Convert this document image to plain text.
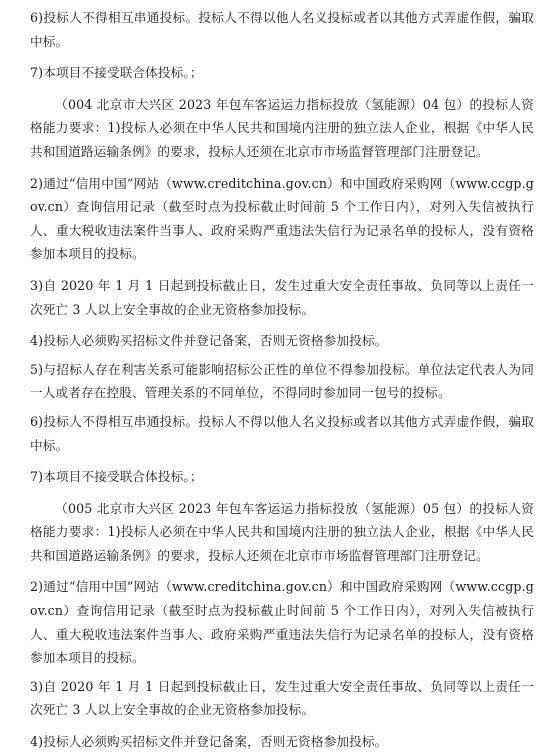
6)投标人不得相互串通投标。投标人不得以他人名义投标或者以其他方式弄虚作假，骗取中标。

7)本项目不接受联合体投标。；

（004 北京市大兴区 2023 年包车客运运力指标投放（氢能源）04 包）的投标人资格能力要求：1)投标人必须在中华人民共和国境内注册的独立法人企业，根据《中华人民共和国道路运输条例》的要求，投标人还须在北京市市场监督管理部门注册登记。

2)通过“信用中国”网站（www.creditchina.gov.cn）和中国政府采购网（www.ccgp.gov.cn）查询信用记录（截至时点为投标截止时间前 5 个工作日内），对列入失信被执行人、重大税收违法案件当事人、政府采购严重违法失信行为记录名单的投标人，没有资格参加本项目的投标。

3)自 2020 年 1 月 1 日起到投标截止日，发生过重大安全责任事故、负同等以上责任一次死亡 3 人以上安全事故的企业无资格参加投标。

4)投标人必须购买招标文件并登记备案，否则无资格参加投标。

5)与招标人存在利害关系可能影响招标公正性的单位不得参加投标。单位法定代表人为同一人或者存在控股、管理关系的不同单位，不得同时参加同一包号的投标。

6)投标人不得相互串通投标。投标人不得以他人名义投标或者以其他方式弄虚作假，骗取中标。

7)本项目不接受联合体投标。；

（005 北京市大兴区 2023 年包车客运运力指标投放（氢能源）05 包）的投标人资格能力要求：1)投标人必须在中华人民共和国境内注册的独立法人企业，根据《中华人民共和国道路运输条例》的要求，投标人还须在北京市市场监督管理部门注册登记。

2)通过“信用中国”网站（www.creditchina.gov.cn）和中国政府采购网（www.ccgp.gov.cn）查询信用记录（截至时点为投标截止时间前 5 个工作日内），对列入失信被执行人、重大税收违法案件当事人、政府采购严重违法失信行为记录名单的投标人，没有资格参加本项目的投标。

3)自 2020 年 1 月 1 日起到投标截止日，发生过重大安全责任事故、负同等以上责任一次死亡 3 人以上安全事故的企业无资格参加投标。

4)投标人必须购买招标文件并登记备案，否则无资格参加投标。
